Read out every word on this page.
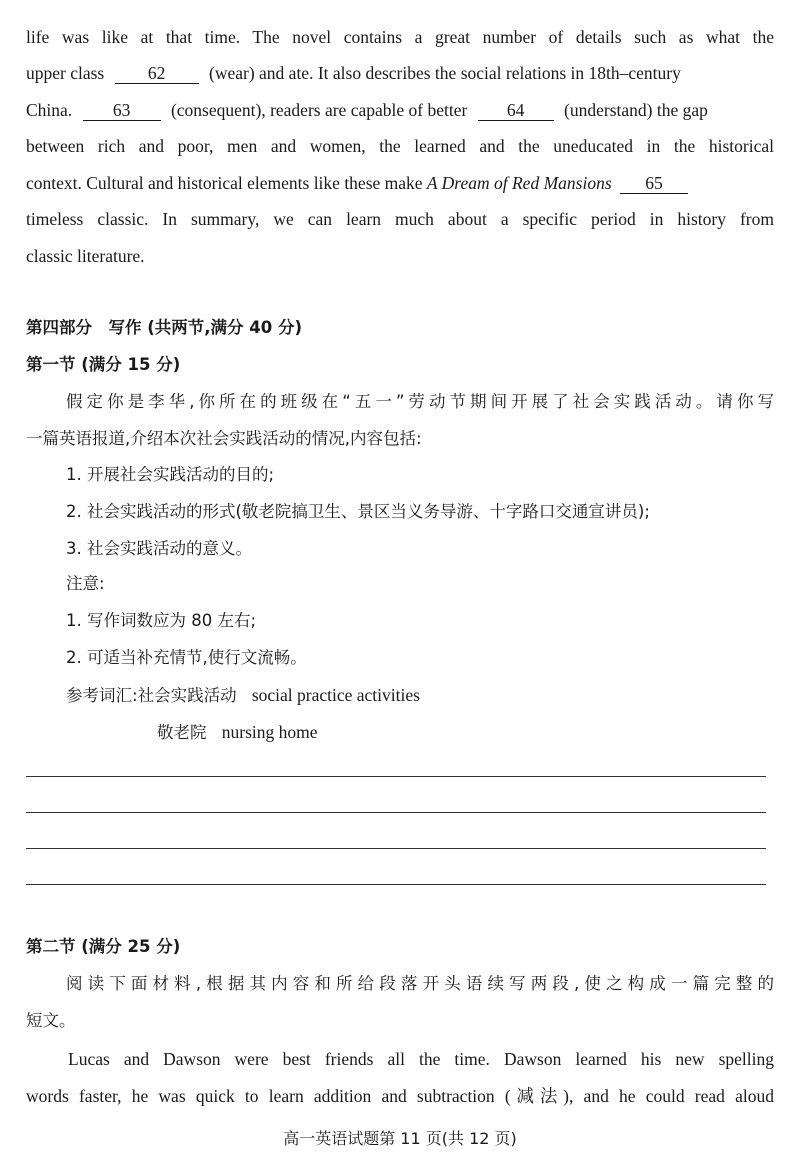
life was like at that time. The novel contains a great number of details such as what the
upper class 62 (wear) and ate. It also describes the social relations in 18th–century
China. 63 (consequent), readers are capable of better 64 (understand) the gap
between rich and poor, men and women, the learned and the uneducated in the historical
context. Cultural and historical elements like these make A Dream of Red Mansions 65
timeless classic. In summary, we can learn much about a specific period in history from
classic literature.
第四部分　写作 (共两节,满分 40 分)
第一节 (满分 15 分)
假定你是李华,你所在的班级在“五一”劳动节期间开展了社会实践活动。请你写
一篇英语报道,介绍本次社会实践活动的情况,内容包括:
1. 开展社会实践活动的目的;
2. 社会实践活动的形式(敬老院搞卫生、景区当义务导游、十字路口交通宣讲员);
3. 社会实践活动的意义。
注意:
1. 写作词数应为 80 左右;
2. 可适当补充情节,使行文流畅。
参考词汇:社会实践活动 social practice activities
敬老院 nursing home
第二节 (满分 25 分)
阅读下面材料,根据其内容和所给段落开头语续写两段,使之构成一篇完整的
短文。
Lucas and Dawson were best friends all the time. Dawson learned his new spelling
words faster, he was quick to learn addition and subtraction (减法), and he could read aloud
高一英语试题第 11 页(共 12 页)
